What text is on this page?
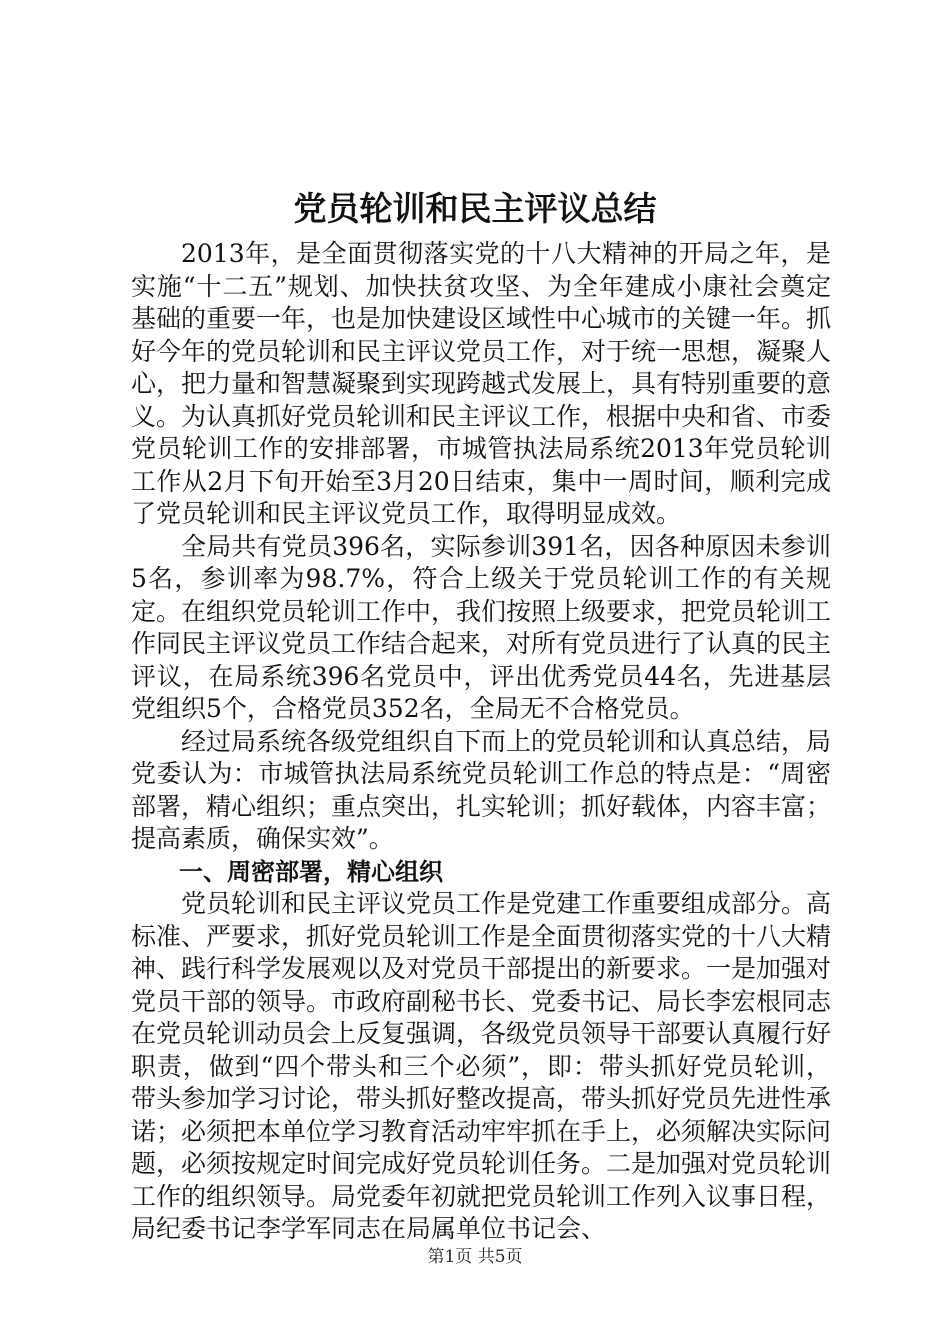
党员轮训和民主评议总结

2013年，是全面贯彻落实党的十八大精神的开局之年，是实施“十二五”规划、加快扶贫攻坚、为全年建成小康社会奠定基础的重要一年，也是加快建设区域性中心城市的关键一年。抓好今年的党员轮训和民主评议党员工作，对于统一思想，凝聚人心，把力量和智慧凝聚到实现跨越式发展上，具有特别重要的意义。为认真抓好党员轮训和民主评议工作，根据中央和省、市委党员轮训工作的安排部署，市城管执法局系统2013年党员轮训工作从2月下旬开始至3月20日结束，集中一周时间，顺利完成了党员轮训和民主评议党员工作，取得明显成效。

全局共有党员396名，实际参训391名，因各种原因未参训5名，参训率为98.7%，符合上级关于党员轮训工作的有关规定。在组织党员轮训工作中，我们按照上级要求，把党员轮训工作同民主评议党员工作结合起来，对所有党员进行了认真的民主评议，在局系统396名党员中，评出优秀党员44名，先进基层党组织5个，合格党员352名，全局无不合格党员。

经过局系统各级党组织自下而上的党员轮训和认真总结，局党委认为：市城管执法局系统党员轮训工作总的特点是：“周密部署，精心组织；重点突出，扎实轮训；抓好载体，内容丰富；提高素质，确保实效”。

一、周密部署，精心组织

党员轮训和民主评议党员工作是党建工作重要组成部分。高标准、严要求，抓好党员轮训工作是全面贯彻落实党的十八大精神、践行科学发展观以及对党员干部提出的新要求。一是加强对党员干部的领导。市政府副秘书长、党委书记、局长李宏根同志在党员轮训动员会上反复强调，各级党员领导干部要认真履行好职责，做到“四个带头和三个必须”，即：带头抓好党员轮训，带头参加学习讨论，带头抓好整改提高，带头抓好党员先进性承诺；必须把本单位学习教育活动牢牢抓在手上，必须解决实际问题，必须按规定时间完成好党员轮训任务。二是加强对党员轮训工作的组织领导。局党委年初就把党员轮训工作列入议事日程，局纪委书记李学军同志在局属单位书记会、

第1页 共5页
